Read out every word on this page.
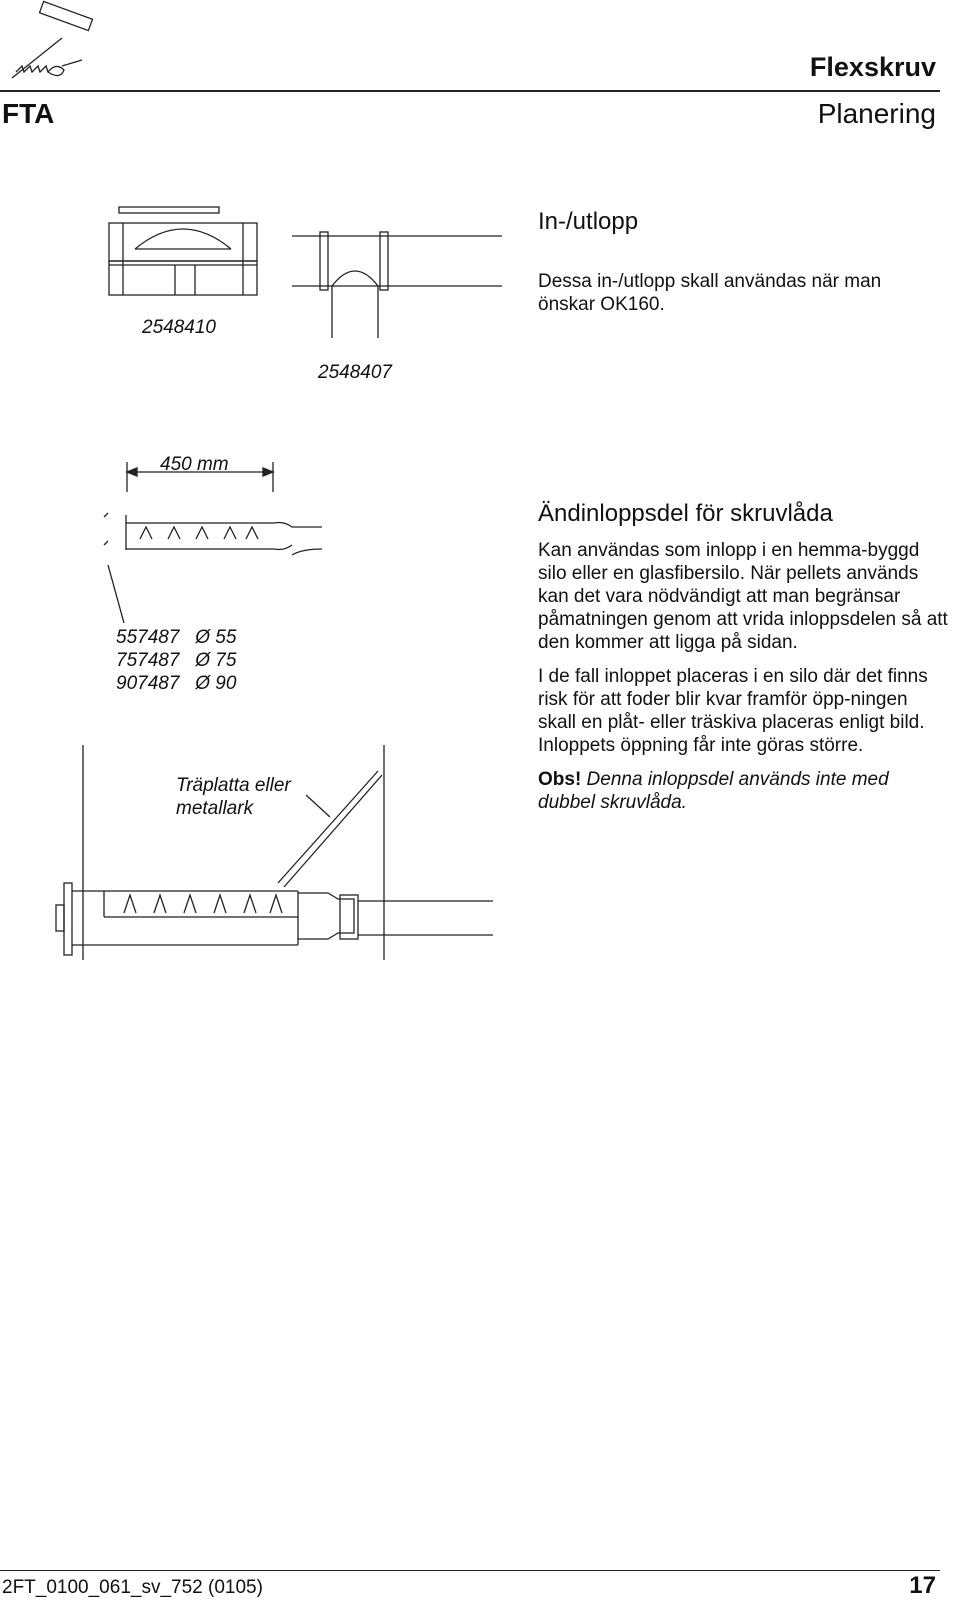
Flexskruv
FTA	Planering
2548410
2548407
In-/utlopp
Dessa in-/utlopp skall användas när man önskar OK160.
450 mm
557487 Ø 55
757487 Ø 75
907487 Ø 90
Träplatta eller
metallark
Ändinloppsdel för skruvlåda

Kan användas som inlopp i en hemma-byggd silo eller en glasfibersilo. När pellets används kan det vara nödvändigt att man begränsar påmatningen genom att vrida inloppsdelen så att den kommer att ligga på sidan.

I de fall inloppet placeras i en silo där det finns risk för att foder blir kvar framför öpp-ningen skall en plåt- eller träskiva placeras enligt bild. Inloppets öppning får inte göras större.

Obs! Denna inloppsdel används inte med dubbel skruvlåda.

2FT_0100_061_sv_752 (0105)	17
